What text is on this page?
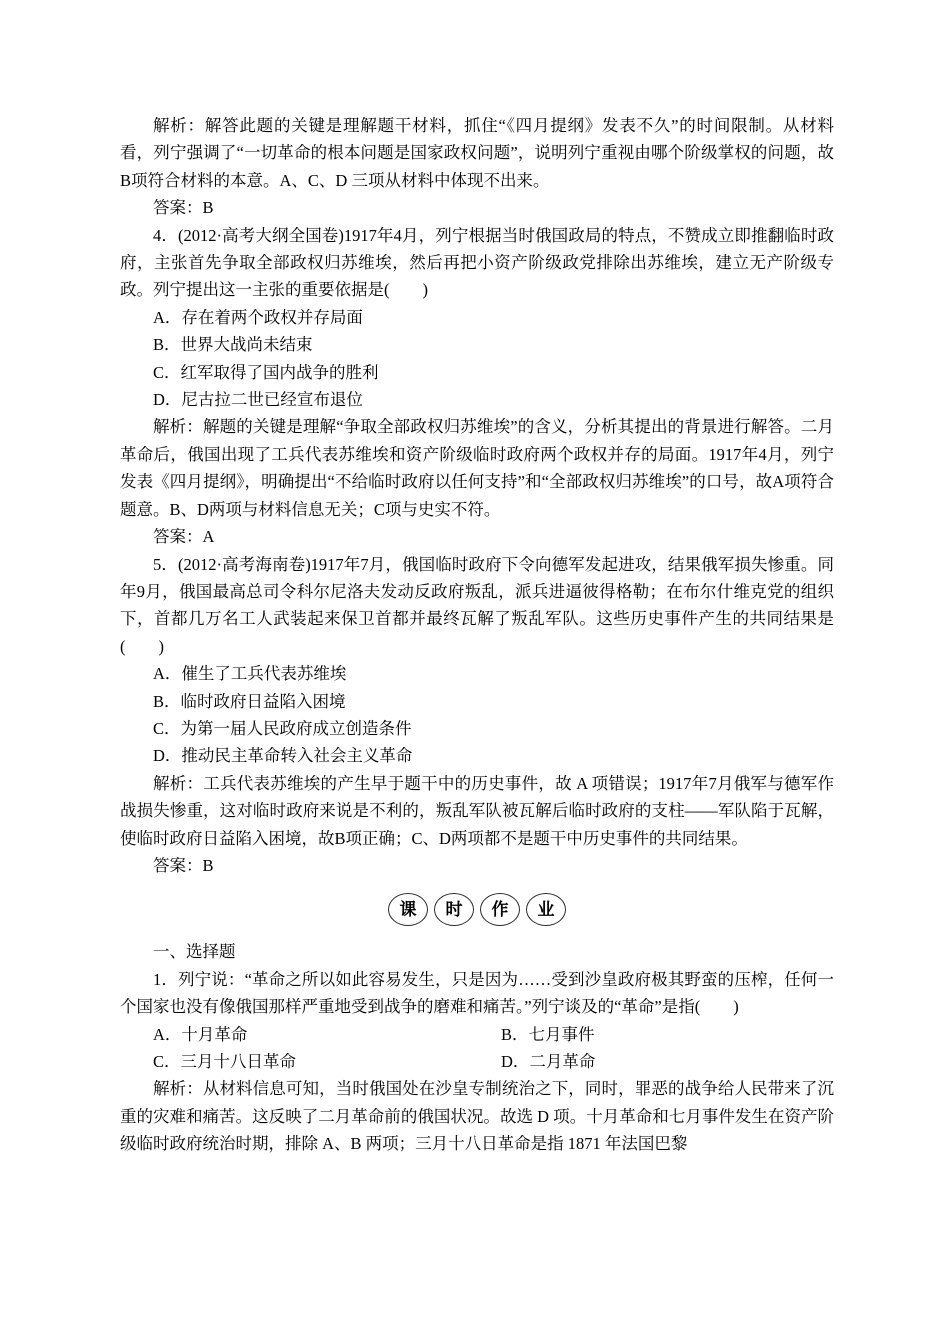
解析：解答此题的关键是理解题干材料，抓住“《四月提纲》发表不久”的时间限制。从材料看，列宁强调了“一切革命的根本问题是国家政权问题”，说明列宁重视由哪个阶级掌权的问题，故B项符合材料的本意。A、C、D 三项从材料中体现不出来。
答案：B
4．(2012·高考大纲全国卷)1917年4月，列宁根据当时俄国政局的特点，不赞成立即推翻临时政府，主张首先争取全部政权归苏维埃，然后再把小资产阶级政党排除出苏维埃，建立无产阶级专政。列宁提出这一主张的重要依据是(　　)
A．存在着两个政权并存局面
B．世界大战尚未结束
C．红军取得了国内战争的胜利
D．尼古拉二世已经宣布退位
解析：解题的关键是理解“争取全部政权归苏维埃”的含义，分析其提出的背景进行解答。二月革命后，俄国出现了工兵代表苏维埃和资产阶级临时政府两个政权并存的局面。1917年4月，列宁发表《四月提纲》，明确提出“不给临时政府以任何支持”和“全部政权归苏维埃”的口号，故A项符合题意。B、D两项与材料信息无关；C项与史实不符。
答案：A
5．(2012·高考海南卷)1917年7月，俄国临时政府下令向德军发起进攻，结果俄军损失惨重。同年9月，俄国最高总司令科尔尼洛夫发动反政府叛乱，派兵进逼彼得格勒；在布尔什维克党的组织下，首都几万名工人武装起来保卫首都并最终瓦解了叛乱军队。这些历史事件产生的共同结果是(　　)
A．催生了工兵代表苏维埃
B．临时政府日益陷入困境
C．为第一届人民政府成立创造条件
D．推动民主革命转入社会主义革命
解析：工兵代表苏维埃的产生早于题干中的历史事件，故 A 项错误；1917年7月俄军与德军作战损失惨重，这对临时政府来说是不利的，叛乱军队被瓦解后临时政府的支柱——军队陷于瓦解，使临时政府日益陷入困境，故B项正确；C、D两项都不是题干中历史事件的共同结果。
答案：B
课	时	作	业
一、选择题
1．列宁说：“革命之所以如此容易发生，只是因为……受到沙皇政府极其野蛮的压榨，任何一个国家也没有像俄国那样严重地受到战争的磨难和痛苦。”列宁谈及的“革命”是指(　　)
A．十月革命	B．七月事件
C．三月十八日革命	D．二月革命
解析：从材料信息可知，当时俄国处在沙皇专制统治之下，同时，罪恶的战争给人民带来了沉重的灾难和痛苦。这反映了二月革命前的俄国状况。故选 D 项。十月革命和七月事件发生在资产阶级临时政府统治时期，排除 A、B 两项；三月十八日革命是指 1871 年法国巴黎
